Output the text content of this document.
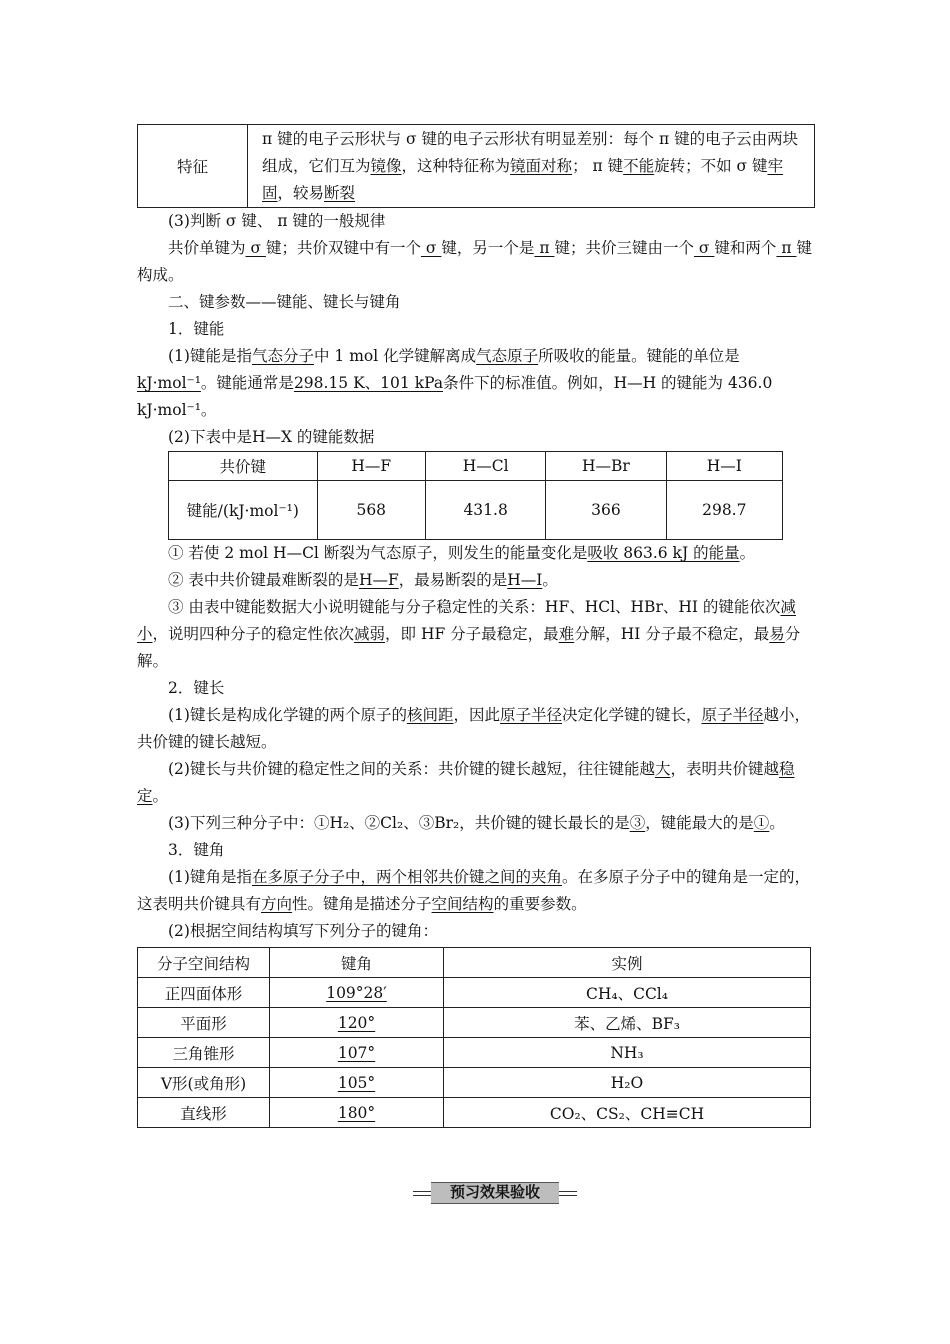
特征	π 键的电子云形状与 σ 键的电子云形状有明显差别：每个 π 键的电子云由两块组成，它们互为镜像，这种特征称为镜面对称； π 键不能旋转；不如 σ 键牢固，较易断裂

(3)判断 σ 键、 π 键的一般规律

共价单键为 σ 键；共价双键中有一个 σ 键，另一个是 π 键；共价三键由一个 σ 键和两个 π 键构成。

二、键参数——键能、键长与键角

1．键能

(1)键能是指气态分子中 1 mol 化学键解离成气态原子所吸收的能量。键能的单位是kJ·mol⁻¹。键能通常是298.15 K、101 kPa条件下的标准值。例如，H—H 的键能为 436.0 kJ·mol⁻¹。

(2)下表中是H—X 的键能数据

共价键	H—F	H—Cl	H—Br	H—I
键能/(kJ·mol⁻¹)	568	431.8	366	298.7

① 若使 2 mol H—Cl 断裂为气态原子，则发生的能量变化是吸收 863.6 kJ 的能量。

② 表中共价键最难断裂的是H—F，最易断裂的是H—I。

③ 由表中键能数据大小说明键能与分子稳定性的关系：HF、HCl、HBr、HI 的键能依次减小，说明四种分子的稳定性依次减弱，即 HF 分子最稳定，最难分解，HI 分子最不稳定，最易分解。

2．键长

(1)键长是构成化学键的两个原子的核间距，因此原子半径决定化学键的键长，原子半径越小，共价键的键长越短。

(2)键长与共价键的稳定性之间的关系：共价键的键长越短，往往键能越大，表明共价键越稳定。

(3)下列三种分子中：①H₂、②Cl₂、③Br₂，共价键的键长最长的是③，键能最大的是①。

3．键角

(1)键角是指在多原子分子中，两个相邻共价键之间的夹角。在多原子分子中的键角是一定的，这表明共价键具有方向性。键角是描述分子空间结构的重要参数。

(2)根据空间结构填写下列分子的键角：

分子空间结构	键角	实例
正四面体形	109°28′	CH₄、CCl₄
平面形	120°	苯、乙烯、BF₃
三角锥形	107°	NH₃
V形(或角形)	105°	H₂O
直线形	180°	CO₂、CS₂、CH≡CH
预习效果验收
